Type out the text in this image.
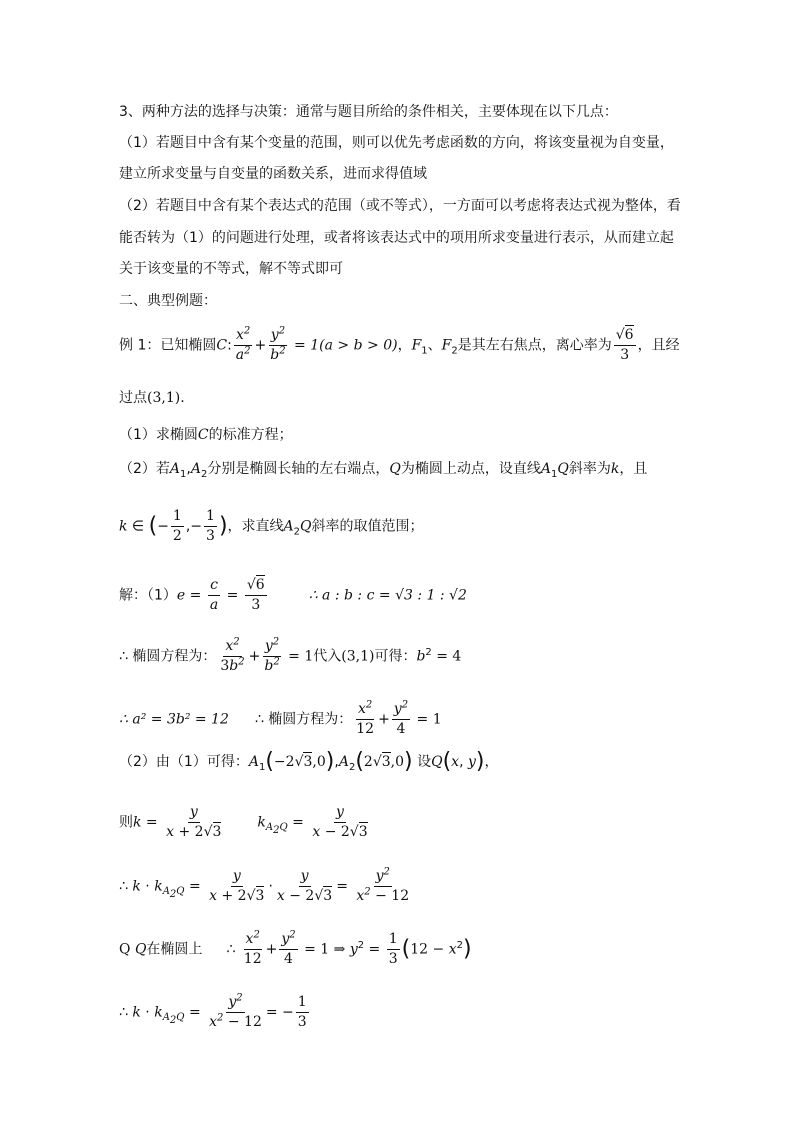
3、两种方法的选择与决策：通常与题目所给的条件相关，主要体现在以下几点：
（1）若题目中含有某个变量的范围，则可以优先考虑函数的方向，将该变量视为自变量，
建立所求变量与自变量的函数关系，进而求得值域
（2）若题目中含有某个表达式的范围（或不等式），一方面可以考虑将表达式视为整体，看
能否转为（1）的问题进行处理，或者将该表达式中的项用所求变量进行表示，从而建立起
关于该变量的不等式，解不等式即可
二、典型例题：
例 1：已知椭圆C: $\frac{x^2}{a^2} + \frac{y^2}{b^2} = 1(a > b > 0)$，$F_1$、$F_2$是其左右焦点，离心率为 $\frac{√6}{3}$ ，且经
过点(3,1).
（1）求椭圆C的标准方程；
（2）若$A_1,A_2$分别是椭圆长轴的左右端点，Q为椭圆上动点，设直线$A_1Q$斜率为k，且
k ∈ (− $\frac{1}{2}$ ,− $\frac{1}{3}$ )，求直线$A_2Q$斜率的取值范围；
解：$(1)e = \frac{c}{a} = \frac{√6}{3}$	∴ a : b : c = √3 : 1 : √2
∴ 椭圆方程为： $\frac{x^2}{3b^2} + \frac{y^2}{b^2} = 1$代入(3,1)可得：$b^2 = 4$
∴ a² = 3b² = 12 ∴ 椭圆方程为： $\frac{x^2}{12} + \frac{y^2}{4} = 1$
（2）由（1）可得：$A_1(-2√3,0),A_2(2√3,0)$ 设Q(x, y)，
则$k = \frac{y}{x + 2√3} k_{A_2Q} = \frac{y}{x - 2√3}$
∴ $k \cdot k_{A_2Q} = \frac{y}{x + 2√3} \cdot \frac{y}{x - 2√3} = \frac{y^2}{x^2 - 12}$
Q Q在椭圆上 ∴ $\frac{x^2}{12} + \frac{y^2}{4} = 1$ ⇒ $y^2 = \frac{1}{3} (12 - x^2)$
∴ $k \cdot k_{A_2Q} = \frac{y^2}{x^2 - 12}$ = − $\frac{1}{3}$
